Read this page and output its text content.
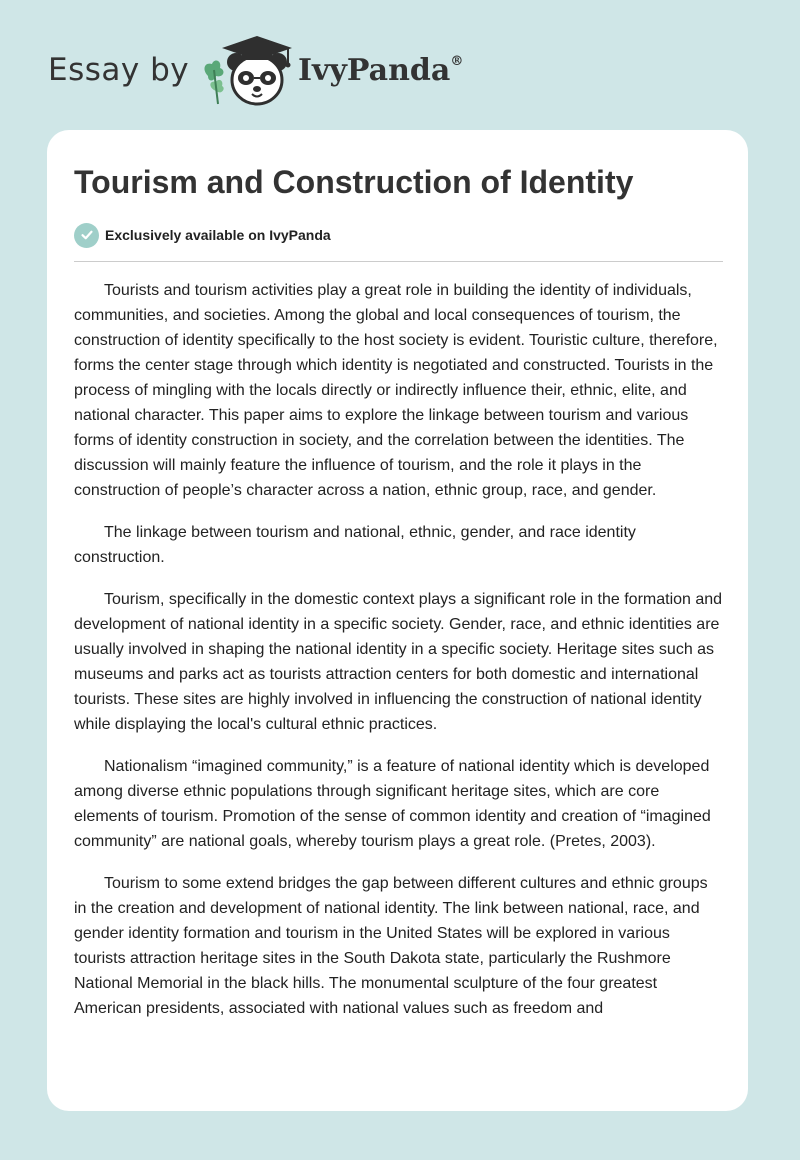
Essay by	IvyPanda®
Tourism and Construction of Identity
Exclusively available on IvyPanda

Tourists and tourism activities play a great role in building the identity of individuals, communities, and societies. Among the global and local consequences of tourism, the construction of identity specifically to the host society is evident. Touristic culture, therefore, forms the center stage through which identity is negotiated and constructed. Tourists in the process of mingling with the locals directly or indirectly influence their, ethnic, elite, and national character. This paper aims to explore the linkage between tourism and various forms of identity construction in society, and the correlation between the identities. The discussion will mainly feature the influence of tourism, and the role it plays in the construction of people’s character across a nation, ethnic group, race, and gender.

The linkage between tourism and national, ethnic, gender, and race identity construction.

Tourism, specifically in the domestic context plays a significant role in the formation and development of national identity in a specific society. Gender, race, and ethnic identities are usually involved in shaping the national identity in a specific society. Heritage sites such as museums and parks act as tourists attraction centers for both domestic and international tourists. These sites are highly involved in influencing the construction of national identity while displaying the local's cultural ethnic practices.

Nationalism “imagined community,” is a feature of national identity which is developed among diverse ethnic populations through significant heritage sites, which are core elements of tourism. Promotion of the sense of common identity and creation of “imagined community” are national goals, whereby tourism plays a great role. (Pretes, 2003).

Tourism to some extend bridges the gap between different cultures and ethnic groups in the creation and development of national identity. The link between national, race, and gender identity formation and tourism in the United States will be explored in various tourists attraction heritage sites in the South Dakota state, particularly the Rushmore National Memorial in the black hills. The monumental sculpture of the four greatest American presidents, associated with national values such as freedom and
